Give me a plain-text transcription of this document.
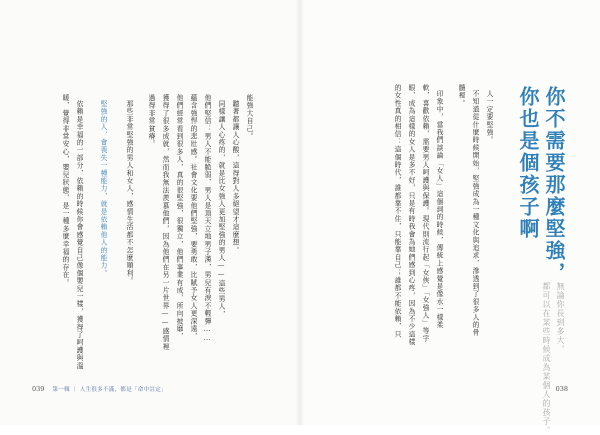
能強大自己。
聽著都讓人心酸，這得對人多絕望才這麼想。
同樣讓人心疼的，就是比女強人更加堅強的男人——這些男人，
他們堅信：男人不能脆弱，男人是頂天立地男子漢，男兒有淚不輕彈……
蘊含強悍的悲壯感。社會文化要他們堅強，要勇敢，比賦予女人更深遠，
他們經常看到很多人，真的很堅強，很獨立，他們事業有成，所向披靡，
獲得了很多成就，然而我無法羨慕他們，因為他們在另一片世界——感情裡
過得非常貧瘠。
那些非常堅強的男人和女人，感情生活都不怎麼順利。
堅強的人，會喪失一種能力，就是依賴他人的能力。
依賴是幸福的一部分，依賴的時候你會感覺自己像個嬰兒一樣，獲得了呵護與溫
暖，覺得非常安心，嬰兒狀態，是一種多麼幸福的存在。
039 第一輯 ｜ 人生很多不滿，都是「命中註定」
你不需要那麼堅強，
你也是個孩子啊
無論你長到多大，
都可以在某些時候成為某個人的孩子。
人一定要堅強。
不知道從什麼時候開始，堅強成為一種文化與追求，滲透到了很多人的骨
髓裡。
印象中，當我們談論「女人」這個詞的時候，傳統上感覺是像水一樣柔
軟，喜歡依賴，需要男人呵護與保護。現代則流行起「女俠」「女強人」等字
眼，成為這樣的女人是多不好，只是有時我會為她們感到心疼，因為不少這樣
的女性真的相信：這個時代，誰都靠不住，只能靠自己；誰都不能依賴，只
038
